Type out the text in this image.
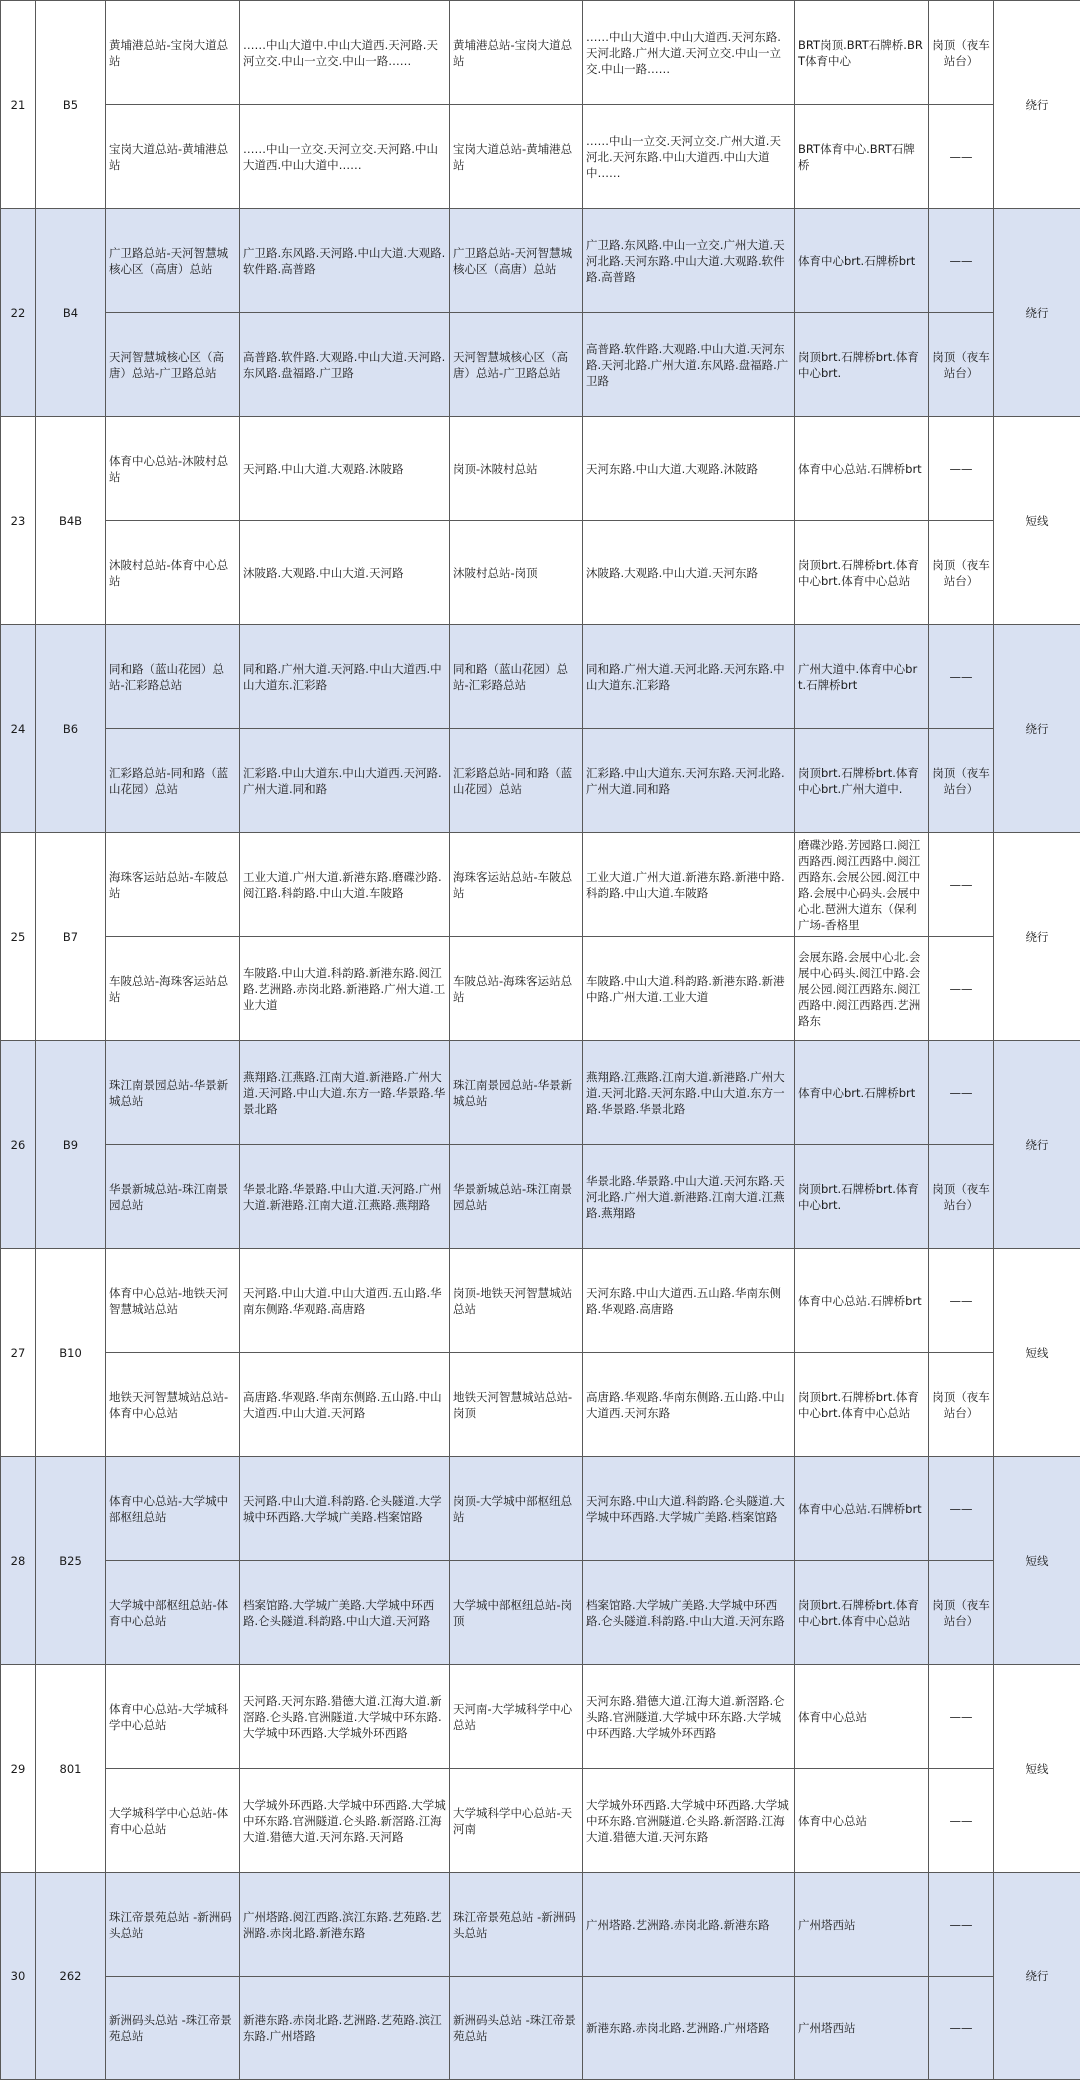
21	B5	黄埔港总站-宝岗大道总站	……中山大道中.中山大道西.天河路.天河立交.中山一立交.中山一路……	黄埔港总站-宝岗大道总站	……中山大道中.中山大道西.天河东路.天河北路.广州大道.天河立交.中山一立交.中山一路……	BRT岗顶.BRT石牌桥.BRT体育中心	岗顶（夜车站台）	绕行
		宝岗大道总站-黄埔港总站	……中山一立交.天河立交.天河路.中山大道西.中山大道中……	宝岗大道总站-黄埔港总站	……中山一立交.天河立交.广州大道.天河北.天河东路.中山大道西.中山大道中……	BRT体育中心.BRT石牌桥	——	
22	B4	广卫路总站-天河智慧城核心区（高唐）总站	广卫路.东风路.天河路.中山大道.大观路.软件路.高普路	广卫路总站-天河智慧城核心区（高唐）总站	广卫路.东风路.中山一立交.广州大道.天河北路.天河东路.中山大道.大观路.软件路.高普路	体育中心brt.石牌桥brt	——	绕行
		天河智慧城核心区（高唐）总站-广卫路总站	高普路.软件路.大观路.中山大道.天河路.东风路.盘福路.广卫路	天河智慧城核心区（高唐）总站-广卫路总站	高普路.软件路.大观路.中山大道.天河东路.天河北路.广州大道.东风路.盘福路.广卫路	岗顶brt.石牌桥brt.体育中心brt.	岗顶（夜车站台）	
23	B4B	体育中心总站-沐陂村总站	天河路.中山大道.大观路.沐陂路	岗顶-沐陂村总站	天河东路.中山大道.大观路.沐陂路	体育中心总站.石牌桥brt	——	短线
		沐陂村总站-体育中心总站	沐陂路.大观路.中山大道.天河路	沐陂村总站-岗顶	沐陂路.大观路.中山大道.天河东路	岗顶brt.石牌桥brt.体育中心brt.体育中心总站	岗顶（夜车站台）	
24	B6	同和路（蓝山花园）总站-汇彩路总站	同和路.广州大道.天河路.中山大道西.中山大道东.汇彩路	同和路（蓝山花园）总站-汇彩路总站	同和路.广州大道.天河北路.天河东路.中山大道东.汇彩路	广州大道中.体育中心brt.石牌桥brt	——	绕行
		汇彩路总站-同和路（蓝山花园）总站	汇彩路.中山大道东.中山大道西.天河路.广州大道.同和路	汇彩路总站-同和路（蓝山花园）总站	汇彩路.中山大道东.天河东路.天河北路.广州大道.同和路	岗顶brt.石牌桥brt.体育中心brt.广州大道中.	岗顶（夜车站台）	
25	B7	海珠客运站总站-车陂总站	工业大道.广州大道.新港东路.磨碟沙路.阅江路.科韵路.中山大道.车陂路	海珠客运站总站-车陂总站	工业大道.广州大道.新港东路.新港中路.科韵路.中山大道.车陂路	磨碟沙路.芳园路口.阅江西路西.阅江西路中.阅江西路东.会展公园.阅江中路.会展中心码头.会展中心北.琶洲大道东（保利广场-香格里	——	绕行
		车陂总站-海珠客运站总站	车陂路.中山大道.科韵路.新港东路.阅江路.艺洲路.赤岗北路.新港路.广州大道.工业大道	车陂总站-海珠客运站总站	车陂路.中山大道.科韵路.新港东路.新港中路.广州大道.工业大道	会展东路.会展中心北.会展中心码头.阅江中路.会展公园.阅江西路东.阅江西路中.阅江西路西.艺洲路东	——	
26	B9	珠江南景园总站-华景新城总站	燕翔路.江燕路.江南大道.新港路.广州大道.天河路.中山大道.东方一路.华景路.华景北路	珠江南景园总站-华景新城总站	燕翔路.江燕路.江南大道.新港路.广州大道.天河北路.天河东路.中山大道.东方一路.华景路.华景北路	体育中心brt.石牌桥brt	——	绕行
		华景新城总站-珠江南景园总站	华景北路.华景路.中山大道.天河路.广州大道.新港路.江南大道.江燕路.燕翔路	华景新城总站-珠江南景园总站	华景北路.华景路.中山大道.天河东路.天河北路.广州大道.新港路.江南大道.江燕路.燕翔路	岗顶brt.石牌桥brt.体育中心brt.	岗顶（夜车站台）	
27	B10	体育中心总站-地铁天河智慧城站总站	天河路.中山大道.中山大道西.五山路.华南东侧路.华观路.高唐路	岗顶-地铁天河智慧城站总站	天河东路.中山大道西.五山路.华南东侧路.华观路.高唐路	体育中心总站.石牌桥brt	——	短线
		地铁天河智慧城站总站-体育中心总站	高唐路.华观路.华南东侧路.五山路.中山大道西.中山大道.天河路	地铁天河智慧城站总站-岗顶	高唐路.华观路.华南东侧路.五山路.中山大道西.天河东路	岗顶brt.石牌桥brt.体育中心brt.体育中心总站	岗顶（夜车站台）	
28	B25	体育中心总站-大学城中部枢纽总站	天河路.中山大道.科韵路.仑头隧道.大学城中环西路.大学城广美路.档案馆路	岗顶-大学城中部枢纽总站	天河东路.中山大道.科韵路.仑头隧道.大学城中环西路.大学城广美路.档案馆路	体育中心总站.石牌桥brt	——	短线
		大学城中部枢纽总站-体育中心总站	档案馆路.大学城广美路.大学城中环西路.仑头隧道.科韵路.中山大道.天河路	大学城中部枢纽总站-岗顶	档案馆路.大学城广美路.大学城中环西路.仑头隧道.科韵路.中山大道.天河东路	岗顶brt.石牌桥brt.体育中心brt.体育中心总站	岗顶（夜车站台）	
29	801	体育中心总站-大学城科学中心总站	天河路.天河东路.猎德大道.江海大道.新滘路.仑头路.官洲隧道.大学城中环东路.大学城中环西路.大学城外环西路	天河南-大学城科学中心总站	天河东路.猎德大道.江海大道.新滘路.仑头路.官洲隧道.大学城中环东路.大学城中环西路.大学城外环西路	体育中心总站	——	短线
		大学城科学中心总站-体育中心总站	大学城外环西路.大学城中环西路.大学城中环东路.官洲隧道.仑头路.新滘路.江海大道.猎德大道.天河东路.天河路	大学城科学中心总站-天河南	大学城外环西路.大学城中环西路.大学城中环东路.官洲隧道.仑头路.新滘路.江海大道.猎德大道.天河东路	体育中心总站	——	
30	262	珠江帝景苑总站 -新洲码头总站	广州塔路.阅江西路.滨江东路.艺苑路.艺洲路.赤岗北路.新港东路	珠江帝景苑总站 -新洲码头总站	广州塔路.艺洲路.赤岗北路.新港东路	广州塔西站	——	绕行
		新洲码头总站 -珠江帝景苑总站	新港东路.赤岗北路.艺洲路.艺苑路.滨江东路.广州塔路	新洲码头总站 -珠江帝景苑总站	新港东路.赤岗北路.艺洲路.广州塔路	广州塔西站	——	
